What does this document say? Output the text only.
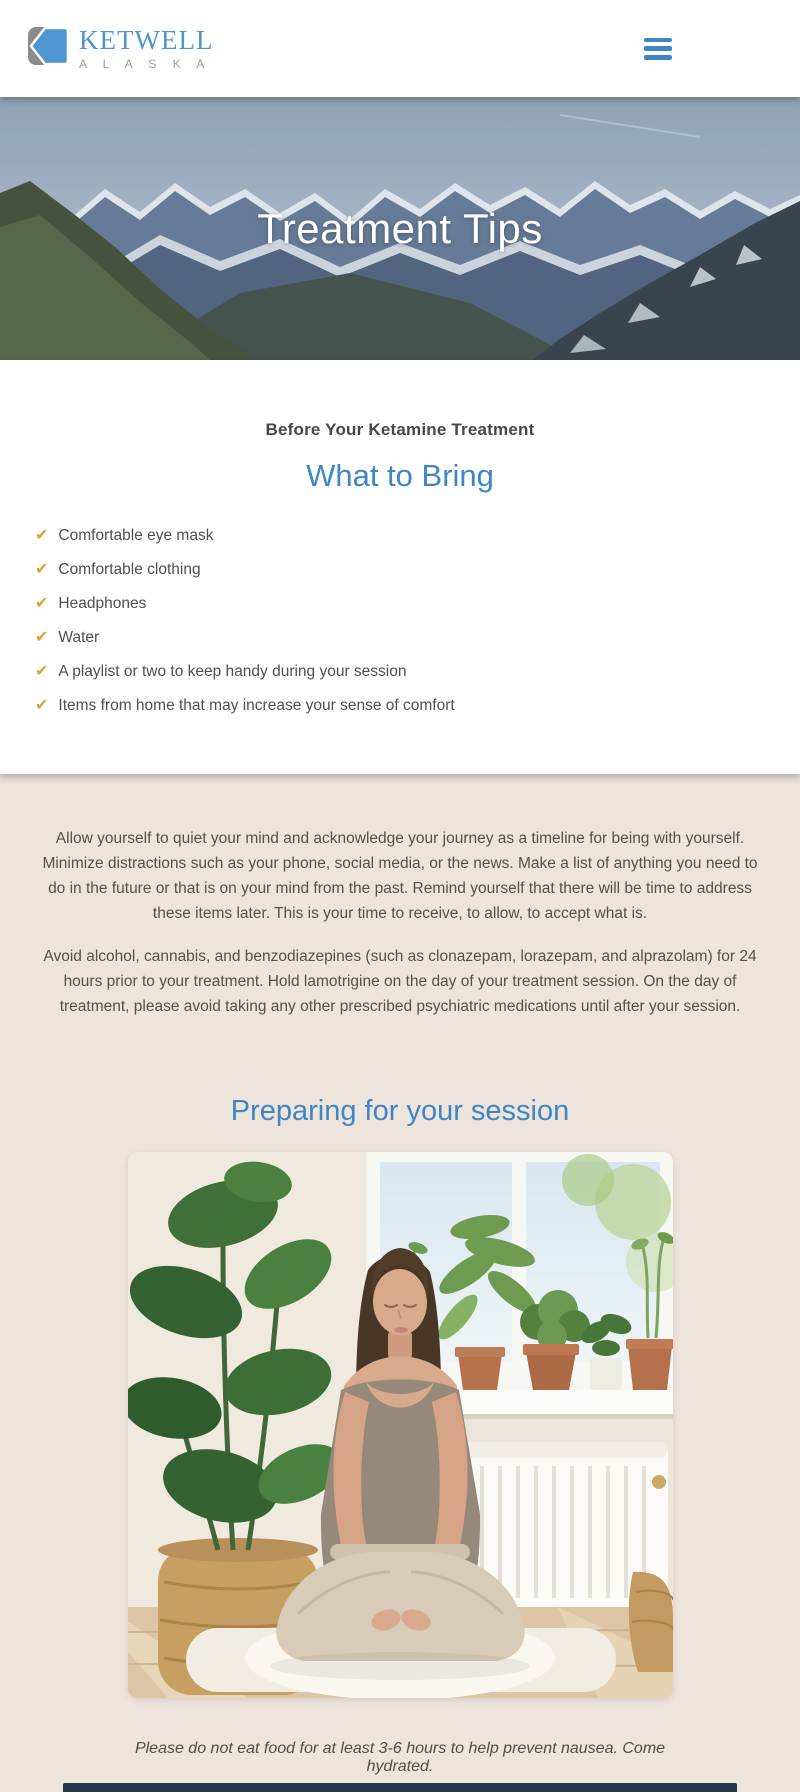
KETWELL
A L A S K A
Treatment Tips
Before Your Ketamine Treatment
What to Bring
✔ Comfortable eye mask
✔ Comfortable clothing
✔ Headphones
✔ Water
✔ A playlist or two to keep handy during your session
✔ Items from home that may increase your sense of comfort

Allow yourself to quiet your mind and acknowledge your journey as a timeline for being with yourself. Minimize distractions such as your phone, social media, or the news. Make a list of anything you need to do in the future or that is on your mind from the past. Remind yourself that there will be time to address these items later. This is your time to receive, to allow, to accept what is.

Avoid alcohol, cannabis, and benzodiazepines (such as clonazepam, lorazepam, and alprazolam) for 24 hours prior to your treatment. Hold lamotrigine on the day of your treatment session. On the day of treatment, please avoid taking any other prescribed psychiatric medications until after your session.

Preparing for your session

Please do not eat food for at least 3-6 hours to help prevent nausea. Come hydrated.
